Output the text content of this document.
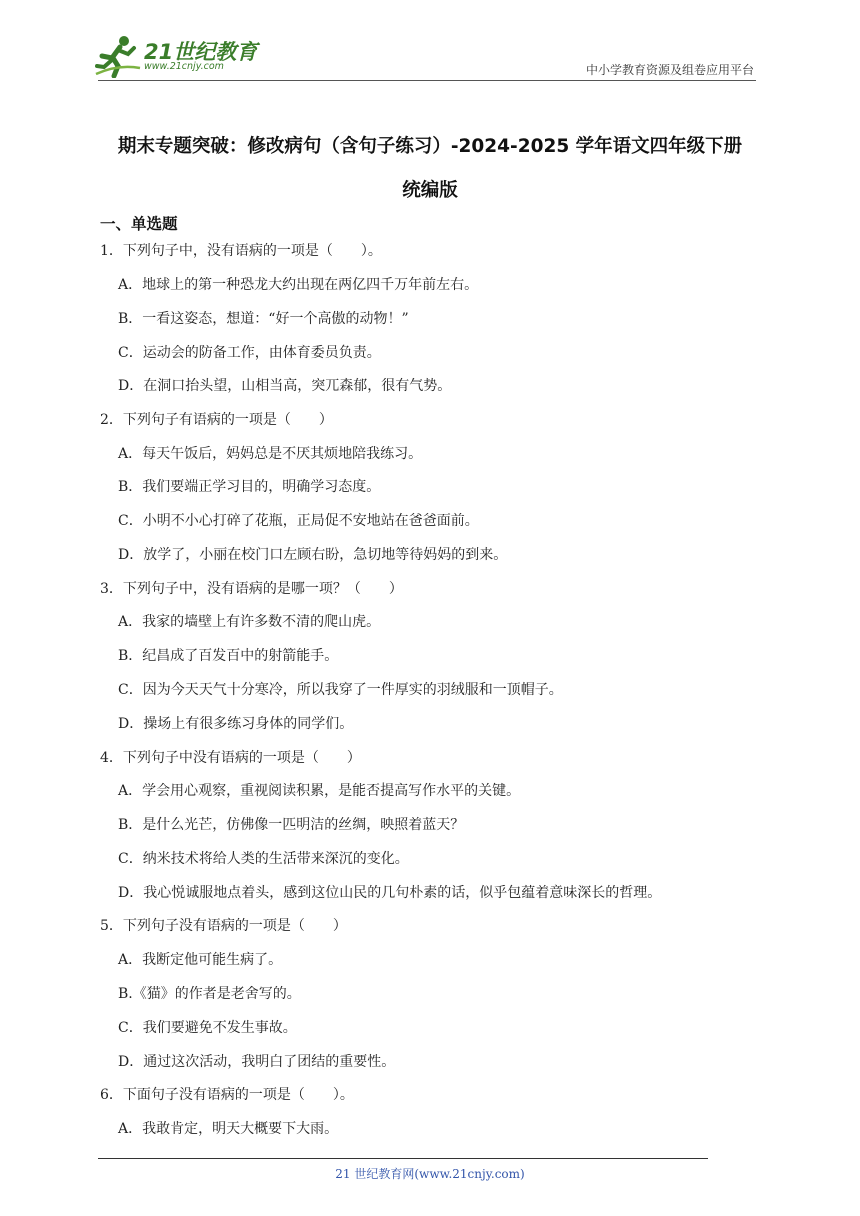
21世纪教育
www.21cnjy.com	中小学教育资源及组卷应用平台
期末专题突破：修改病句（含句子练习）-2024-2025 学年语文四年级下册
统编版
一、单选题
1．下列句子中，没有语病的一项是（　　）。
A．地球上的第一种恐龙大约出现在两亿四千万年前左右。
B．一看这姿态，想道：“好一个高傲的动物！”
C．运动会的防备工作，由体育委员负责。
D．在洞口抬头望，山相当高，突兀森郁，很有气势。
2．下列句子有语病的一项是（　　）
A．每天午饭后，妈妈总是不厌其烦地陪我练习。
B．我们要端正学习目的，明确学习态度。
C．小明不小心打碎了花瓶，正局促不安地站在爸爸面前。
D．放学了，小丽在校门口左顾右盼，急切地等待妈妈的到来。
3．下列句子中，没有语病的是哪一项？（　　）
A．我家的墙壁上有许多数不清的爬山虎。
B．纪昌成了百发百中的射箭能手。
C．因为今天天气十分寒冷，所以我穿了一件厚实的羽绒服和一顶帽子。
D．操场上有很多练习身体的同学们。
4．下列句子中没有语病的一项是（　　）
A．学会用心观察，重视阅读积累，是能否提高写作水平的关键。
B．是什么光芒，仿佛像一匹明洁的丝绸，映照着蓝天？
C．纳米技术将给人类的生活带来深沉的变化。
D．我心悦诚服地点着头，感到这位山民的几句朴素的话，似乎包蕴着意味深长的哲理。
5．下列句子没有语病的一项是（　　）
A．我断定他可能生病了。
B.《猫》的作者是老舍写的。
C．我们要避免不发生事故。
D．通过这次活动，我明白了团结的重要性。
6．下面句子没有语病的一项是（　　）。
A．我敢肯定，明天大概要下大雨。
21 世纪教育网(www.21cnjy.com)
